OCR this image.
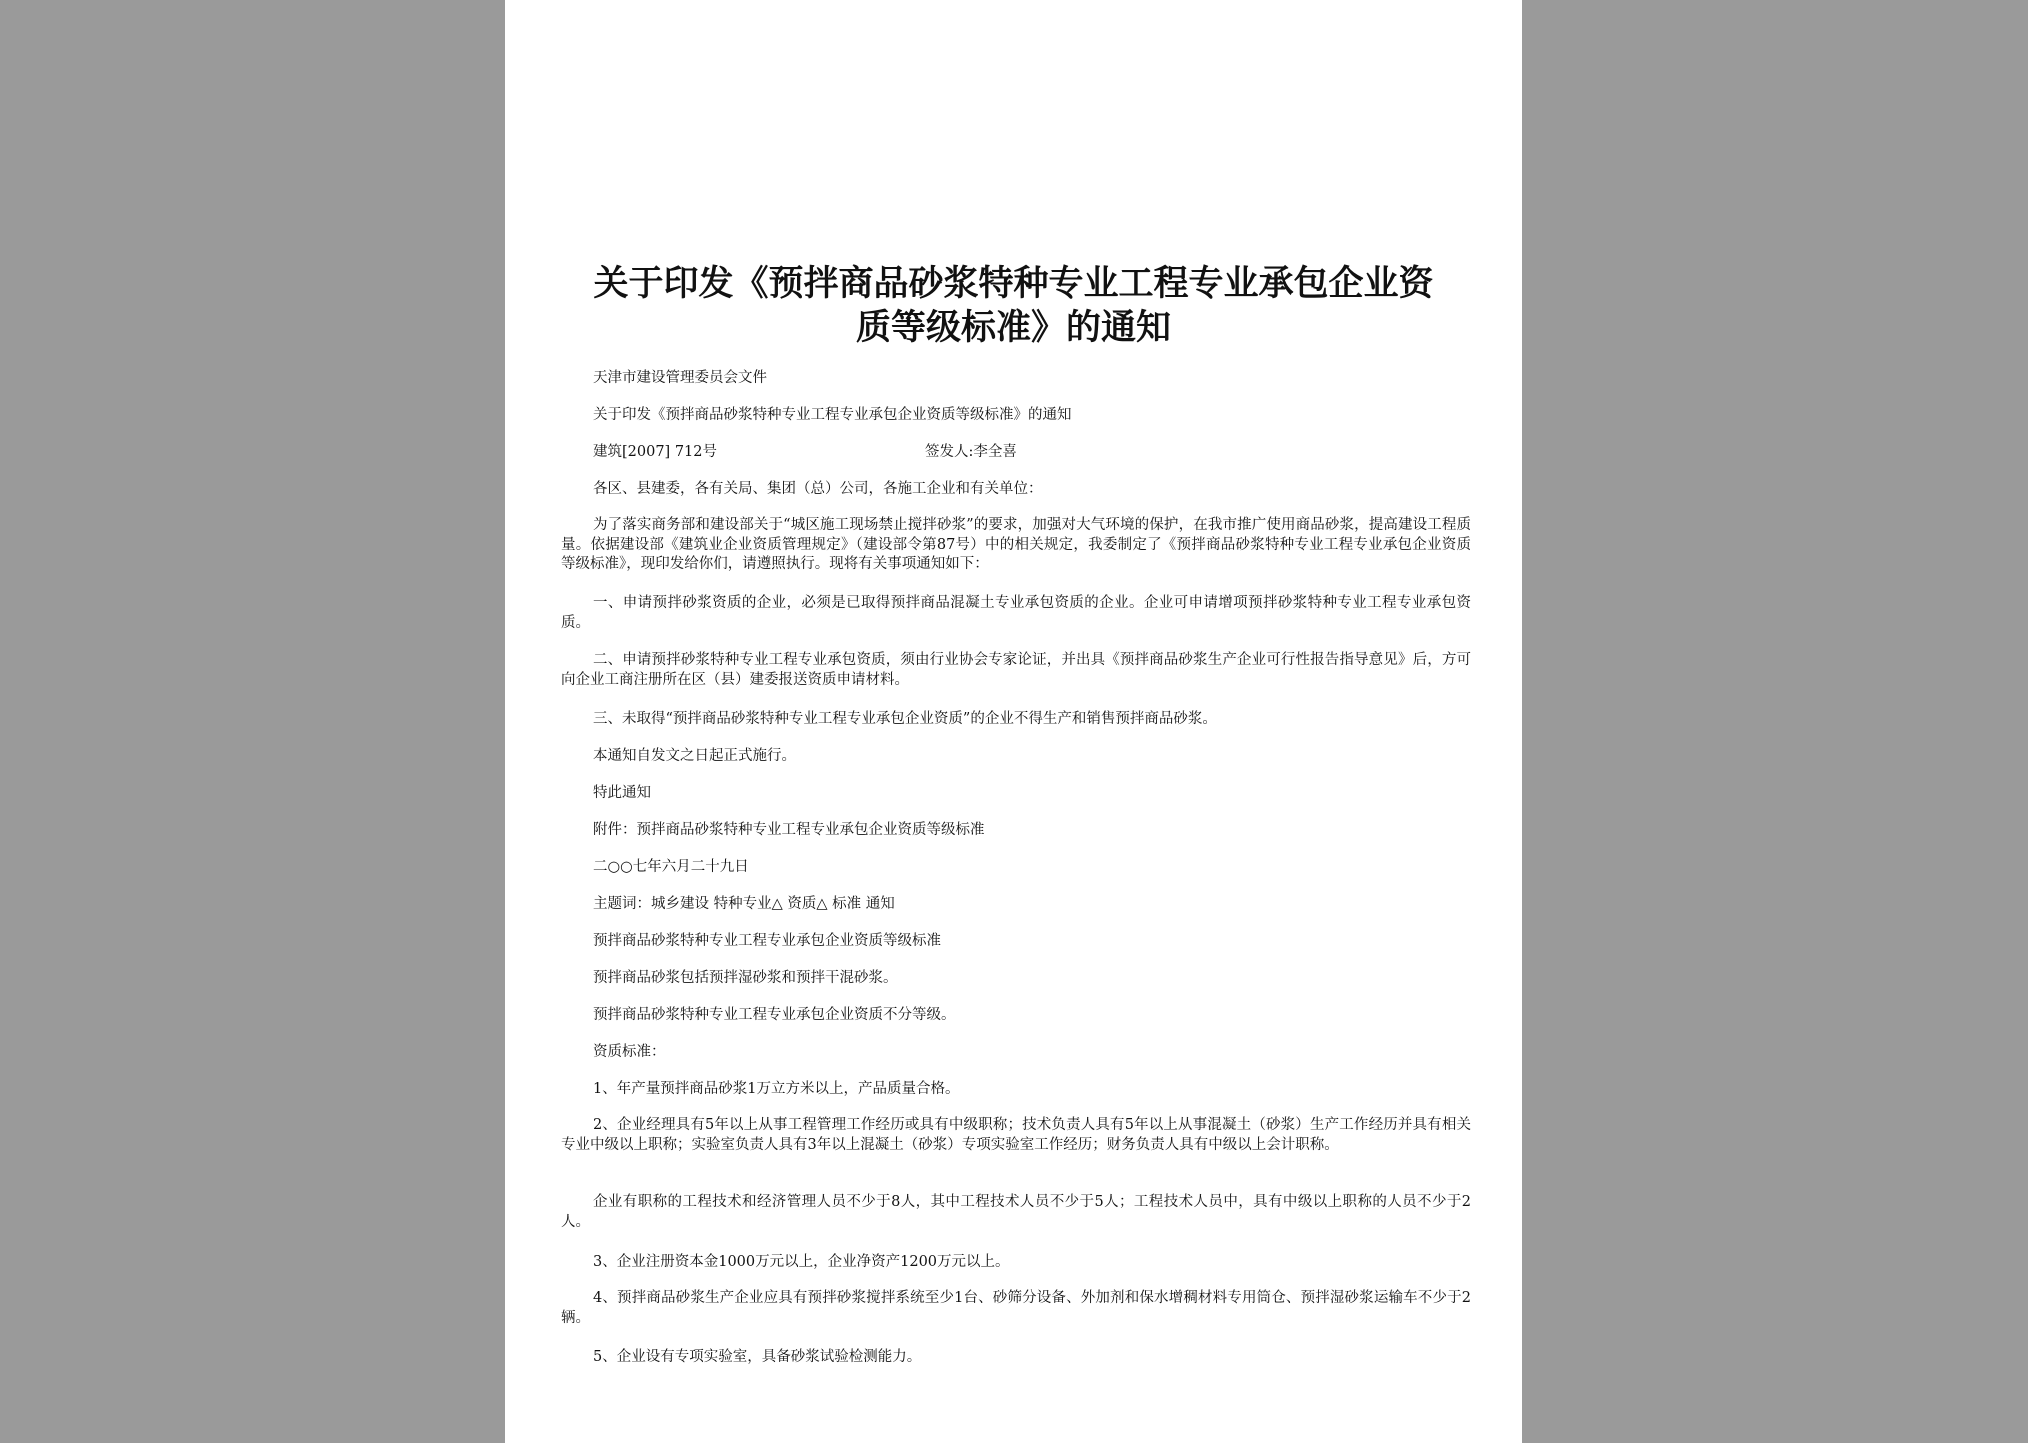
关于印发《预拌商品砂浆特种专业工程专业承包企业资
质等级标准》的通知
天津市建设管理委员会文件
关于印发《预拌商品砂浆特种专业工程专业承包企业资质等级标准》的通知
建筑[2007] 712号	签发人:李全喜
各区、县建委，各有关局、集团（总）公司，各施工企业和有关单位：
为了落实商务部和建设部关于“城区施工现场禁止搅拌砂浆”的要求，加强对大气环境的保护，在我市推广使用商品砂浆，提高建设工程质量。依据建设部《建筑业企业资质管理规定》（建设部令第87号）中的相关规定，我委制定了《预拌商品砂浆特种专业工程专业承包企业资质等级标准》，现印发给你们，请遵照执行。现将有关事项通知如下：
一、申请预拌砂浆资质的企业，必须是已取得预拌商品混凝土专业承包资质的企业。企业可申请增项预拌砂浆特种专业工程专业承包资质。
二、申请预拌砂浆特种专业工程专业承包资质，须由行业协会专家论证，并出具《预拌商品砂浆生产企业可行性报告指导意见》后，方可向企业工商注册所在区（县）建委报送资质申请材料。
三、未取得“预拌商品砂浆特种专业工程专业承包企业资质”的企业不得生产和销售预拌商品砂浆。
本通知自发文之日起正式施行。
特此通知
附件：预拌商品砂浆特种专业工程专业承包企业资质等级标准
二○○七年六月二十九日
主题词：城乡建设 特种专业△ 资质△ 标准 通知
预拌商品砂浆特种专业工程专业承包企业资质等级标准
预拌商品砂浆包括预拌湿砂浆和预拌干混砂浆。
预拌商品砂浆特种专业工程专业承包企业资质不分等级。
资质标准：
1、年产量预拌商品砂浆1万立方米以上，产品质量合格。
2、企业经理具有5年以上从事工程管理工作经历或具有中级职称；技术负责人具有5年以上从事混凝土（砂浆）生产工作经历并具有相关专业中级以上职称；实验室负责人具有3年以上混凝土（砂浆）专项实验室工作经历；财务负责人具有中级以上会计职称。
企业有职称的工程技术和经济管理人员不少于8人，其中工程技术人员不少于5人；工程技术人员中，具有中级以上职称的人员不少于2人。
3、企业注册资本金1000万元以上，企业净资产1200万元以上。
4、预拌商品砂浆生产企业应具有预拌砂浆搅拌系统至少1台、砂筛分设备、外加剂和保水增稠材料专用筒仓、预拌湿砂浆运输车不少于2辆。
5、企业设有专项实验室，具备砂浆试验检测能力。
